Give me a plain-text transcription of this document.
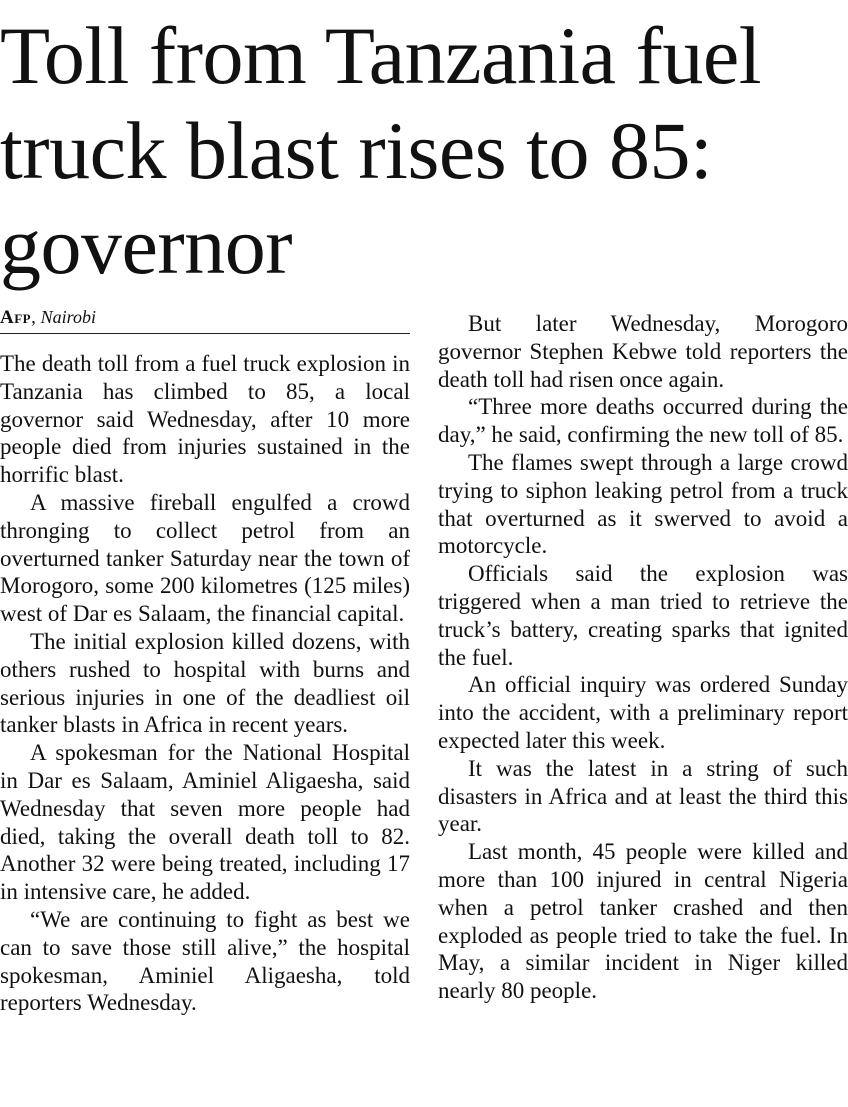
Toll from Tanzania fuel truck blast rises to 85: governor
Afp, Nairobi

The death toll from a fuel truck explosion in Tanzania has climbed to 85, a local governor said Wednesday, after 10 more people died from injuries sustained in the horrific blast.

A massive fireball engulfed a crowd thronging to collect petrol from an overturned tanker Saturday near the town of Morogoro, some 200 kilometres (125 miles) west of Dar es Salaam, the financial capital.

The initial explosion killed dozens, with others rushed to hospital with burns and serious injuries in one of the deadliest oil tanker blasts in Africa in recent years.

A spokesman for the National Hospital in Dar es Salaam, Aminiel Aligaesha, said Wednesday that seven more people had died, taking the overall death toll to 82. Another 32 were being treated, including 17 in intensive care, he added.

“We are continuing to fight as best we can to save those still alive,” the hospital spokesman, Aminiel Aligaesha, told reporters Wednesday.

But later Wednesday, Morogoro governor Stephen Kebwe told reporters the death toll had risen once again.

“Three more deaths occurred during the day,” he said, confirming the new toll of 85.

The flames swept through a large crowd trying to siphon leaking petrol from a truck that overturned as it swerved to avoid a motorcycle.

Officials said the explosion was triggered when a man tried to retrieve the truck’s battery, creating sparks that ignited the fuel.

An official inquiry was ordered Sunday into the accident, with a preliminary report expected later this week.

It was the latest in a string of such disasters in Africa and at least the third this year.

Last month, 45 people were killed and more than 100 injured in central Nigeria when a petrol tanker crashed and then exploded as people tried to take the fuel. In May, a similar incident in Niger killed nearly 80 people.
